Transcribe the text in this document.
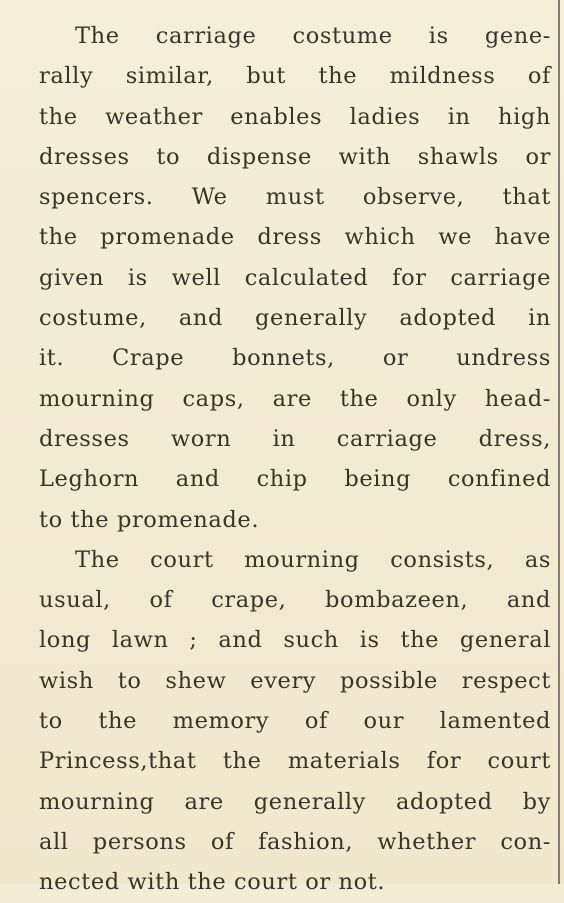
The carriage costume is gene-
rally similar, but the mildness of
the weather enables ladies in high
dresses to dispense with shawls or
spencers. We must observe, that
the promenade dress which we have
given is well calculated for carriage
costume, and generally adopted in
it. Crape bonnets, or undress
mourning caps, are the only head-
dresses worn in carriage dress,
Leghorn and chip being confined
to the promenade.
The court mourning consists, as
usual, of crape, bombazeen, and
long lawn ; and such is the general
wish to shew every possible respect
to the memory of our lamented
Princess,that the materials for court
mourning are generally adopted by
all persons of fashion, whether con-
nected with the court or not.
